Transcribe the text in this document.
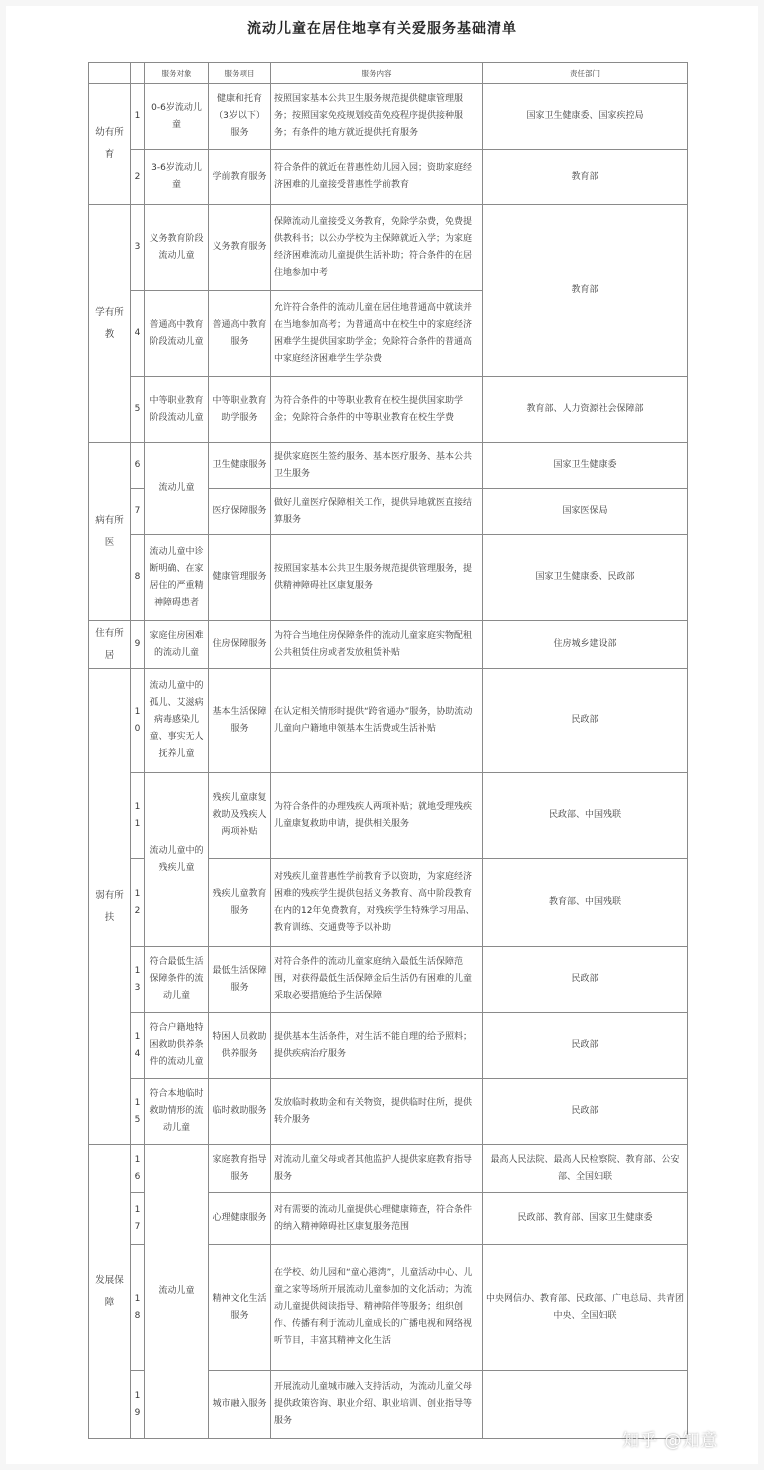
流动儿童在居住地享有关爱服务基础清单
		服务对象	服务项目	服务内容	责任部门
幼有所育	1	0-6岁流动儿童	健康和托育（3岁以下）服务	按照国家基本公共卫生服务规范提供健康管理服务；按照国家免疫规划疫苗免疫程序提供接种服务；有条件的地方就近提供托育服务	国家卫生健康委、国家疾控局
	2	3-6岁流动儿童	学前教育服务	符合条件的就近在普惠性幼儿园入园；资助家庭经济困难的儿童接受普惠性学前教育	教育部
学有所教	3	义务教育阶段流动儿童	义务教育服务	保障流动儿童接受义务教育，免除学杂费，免费提供教科书；以公办学校为主保障就近入学；为家庭经济困难流动儿童提供生活补助；符合条件的在居住地参加中考	教育部
	4	普通高中教育阶段流动儿童	普通高中教育服务	允许符合条件的流动儿童在居住地普通高中就读并在当地参加高考；为普通高中在校生中的家庭经济困难学生提供国家助学金；免除符合条件的普通高中家庭经济困难学生学杂费	
	5	中等职业教育阶段流动儿童	中等职业教育助学服务	为符合条件的中等职业教育在校生提供国家助学金；免除符合条件的中等职业教育在校生学费	教育部、人力资源社会保障部
病有所医	6	流动儿童	卫生健康服务	提供家庭医生签约服务、基本医疗服务、基本公共卫生服务	国家卫生健康委
	7		医疗保障服务	做好儿童医疗保障相关工作，提供异地就医直接结算服务	国家医保局
	8	流动儿童中诊断明确、在家居住的严重精神障碍患者	健康管理服务	按照国家基本公共卫生服务规范提供管理服务，提供精神障碍社区康复服务	国家卫生健康委、民政部
住有所居	9	家庭住房困难的流动儿童	住房保障服务	为符合当地住房保障条件的流动儿童家庭实物配租公共租赁住房或者发放租赁补贴	住房城乡建设部
弱有所扶	10	流动儿童中的孤儿、艾滋病病毒感染儿童、事实无人抚养儿童	基本生活保障服务	在认定相关情形时提供“跨省通办”服务，协助流动儿童向户籍地申领基本生活费或生活补贴	民政部
	11	流动儿童中的残疾儿童	残疾儿童康复救助及残疾人两项补贴	为符合条件的办理残疾人两项补贴；就地受理残疾儿童康复救助申请，提供相关服务	民政部、中国残联
	12		残疾儿童教育服务	对残疾儿童普惠性学前教育予以资助，为家庭经济困难的残疾学生提供包括义务教育、高中阶段教育在内的12年免费教育，对残疾学生特殊学习用品、教育训练、交通费等予以补助	教育部、中国残联
	13	符合最低生活保障条件的流动儿童	最低生活保障服务	对符合条件的流动儿童家庭纳入最低生活保障范围，对获得最低生活保障金后生活仍有困难的儿童采取必要措施给予生活保障	民政部
	14	符合户籍地特困救助供养条件的流动儿童	特困人员救助供养服务	提供基本生活条件，对生活不能自理的给予照料；提供疾病治疗服务	民政部
	15	符合本地临时救助情形的流动儿童	临时救助服务	发放临时救助金和有关物资，提供临时住所，提供转介服务	民政部
发展保障	16	流动儿童	家庭教育指导服务	对流动儿童父母或者其他监护人提供家庭教育指导服务	最高人民法院、最高人民检察院、教育部、公安部、全国妇联
	17		心理健康服务	对有需要的流动儿童提供心理健康筛查，符合条件的纳入精神障碍社区康复服务范围	民政部、教育部、国家卫生健康委
	18		精神文化生活服务	在学校、幼儿园和“童心港湾”，儿童活动中心、儿童之家等场所开展流动儿童参加的文化活动；为流动儿童提供阅读指导、精神陪伴等服务；组织创作、传播有利于流动儿童成长的广播电视和网络视听节目，丰富其精神文化生活	中央网信办、教育部、民政部、广电总局、共青团中央、全国妇联
	19		城市融入服务	开展流动儿童城市融入支持活动，为流动儿童父母提供政策咨询、职业介绍、职业培训、创业指导等服务	
知乎 @知意
